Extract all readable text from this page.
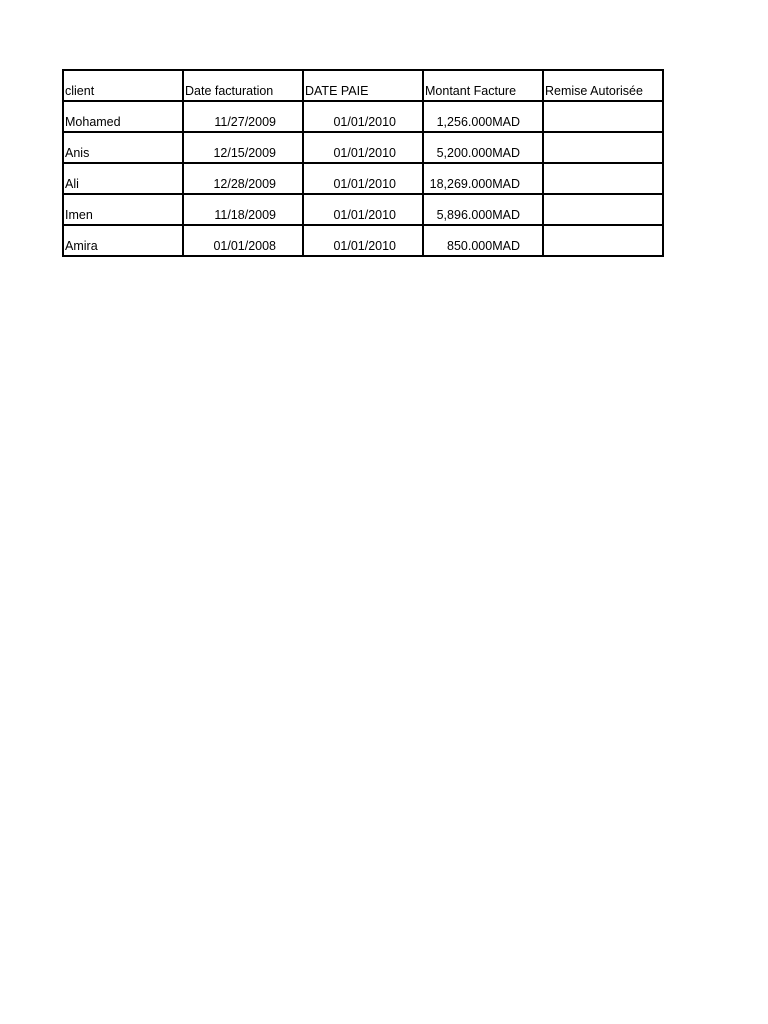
client	Date facturation	DATE PAIE	Montant Facture	Remise Autorisée
Mohamed	11/27/2009	01/01/2010	1,256.000MAD	
Anis	12/15/2009	01/01/2010	5,200.000MAD	
Ali	12/28/2009	01/01/2010	18,269.000MAD	
Imen	11/18/2009	01/01/2010	5,896.000MAD	
Amira	01/01/2008	01/01/2010	850.000MAD	
